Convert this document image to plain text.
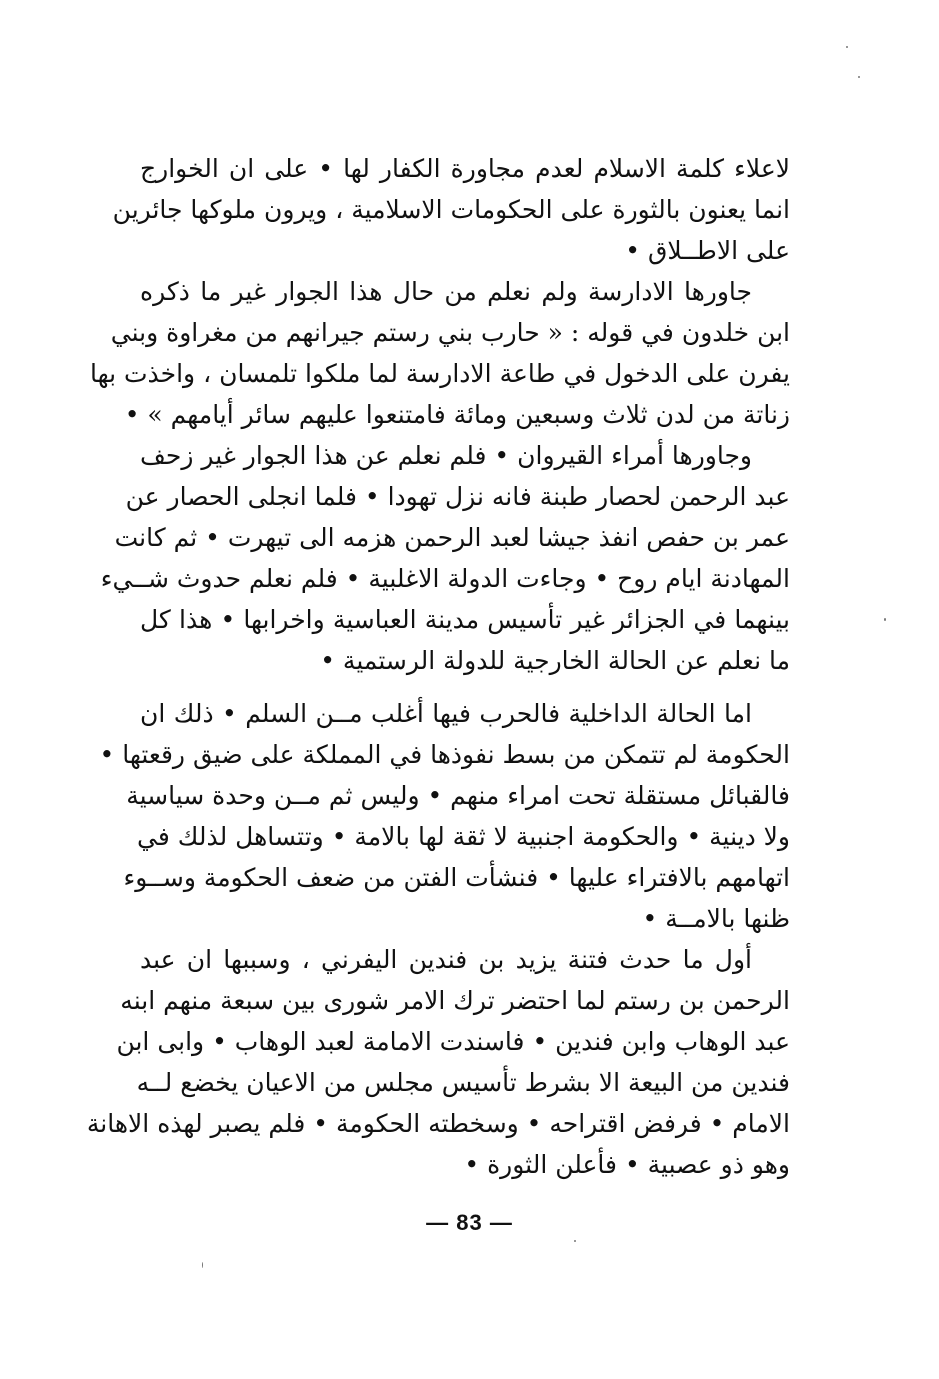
لاعلاء كلمة الاسلام لعدم مجاورة الكفار لها • على ان الخوارج
انما يعنون بالثورة على الحكومات الاسلامية ، ويرون ملوكها جائرين
على الاطــلاق •
جاورها الادارسة ولم نعلم من حال هذا الجوار غير ما ذكره
ابن خلدون في قوله : « حارب بني رستم جيرانهم من مغراوة وبني
يفرن على الدخول في طاعة الادارسة لما ملكوا تلمسان ، واخذت بها
زناتة من لدن ثلاث وسبعين ومائة فامتنعوا عليهم سائر أيامهم » •
وجاورها أمراء القيروان • فلم نعلم عن هذا الجوار غير زحف
عبد الرحمن لحصار طبنة فانه نزل تهودا • فلما انجلى الحصار عن
عمر بن حفص انفذ جيشا لعبد الرحمن هزمه الى تيهرت • ثم كانت
المهادنة ايام روح • وجاءت الدولة الاغلبية • فلم نعلم حدوث شــيء
بينهما في الجزائر غير تأسيس مدينة العباسية واخرابها • هذا كل
ما نعلم عن الحالة الخارجية للدولة الرستمية •
اما الحالة الداخلية فالحرب فيها أغلب مــن السلم • ذلك ان
الحكومة لم تتمكن من بسط نفوذها في المملكة على ضيق رقعتها •
فالقبائل مستقلة تحت امراء منهم • وليس ثم مــن وحدة سياسية
ولا دينية • والحكومة اجنبية لا ثقة لها بالامة • وتتساهل لذلك في
اتهامهم بالافتراء عليها • فنشأت الفتن من ضعف الحكومة وســوء
ظنها بالامــة •
أول ما حدث فتنة يزيد بن فندين اليفرني ، وسببها ان عبد
الرحمن بن رستم لما احتضر ترك الامر شورى بين سبعة منهم ابنه
عبد الوهاب وابن فندين • فاسندت الامامة لعبد الوهاب • وابى ابن
فندين من البيعة الا بشرط تأسيس مجلس من الاعيان يخضع لــه
الامام • فرفض اقتراحه • وسخطته الحكومة • فلم يصبر لهذه الاهانة
وهو ذو عصبية • فأعلن الثورة •
— 83 —
